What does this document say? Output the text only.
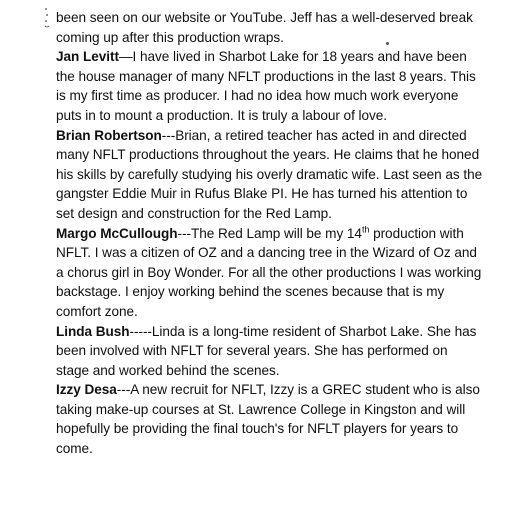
been seen on our website or YouTube. Jeff has a well-deserved break coming up after this production wraps.

Jan Levitt—I have lived in Sharbot Lake for 18 years and have been the house manager of many NFLT productions in the last 8 years. This is my first time as producer. I had no idea how much work everyone puts in to mount a production. It is truly a labour of love.

Brian Robertson---Brian, a retired teacher has acted in and directed many NFLT productions throughout the years. He claims that he honed his skills by carefully studying his overly dramatic wife. Last seen as the gangster Eddie Muir in Rufus Blake PI. He has turned his attention to set design and construction for the Red Lamp.

Margo McCullough---The Red Lamp will be my 14th production with NFLT. I was a citizen of OZ and a dancing tree in the Wizard of Oz and a chorus girl in Boy Wonder. For all the other productions I was working backstage. I enjoy working behind the scenes because that is my comfort zone.

Linda Bush-----Linda is a long-time resident of Sharbot Lake. She has been involved with NFLT for several years. She has performed on stage and worked behind the scenes.

Izzy Desa---A new recruit for NFLT, Izzy is a GREC student who is also taking make-up courses at St. Lawrence College in Kingston and will hopefully be providing the final touch's for NFLT players for years to come.
